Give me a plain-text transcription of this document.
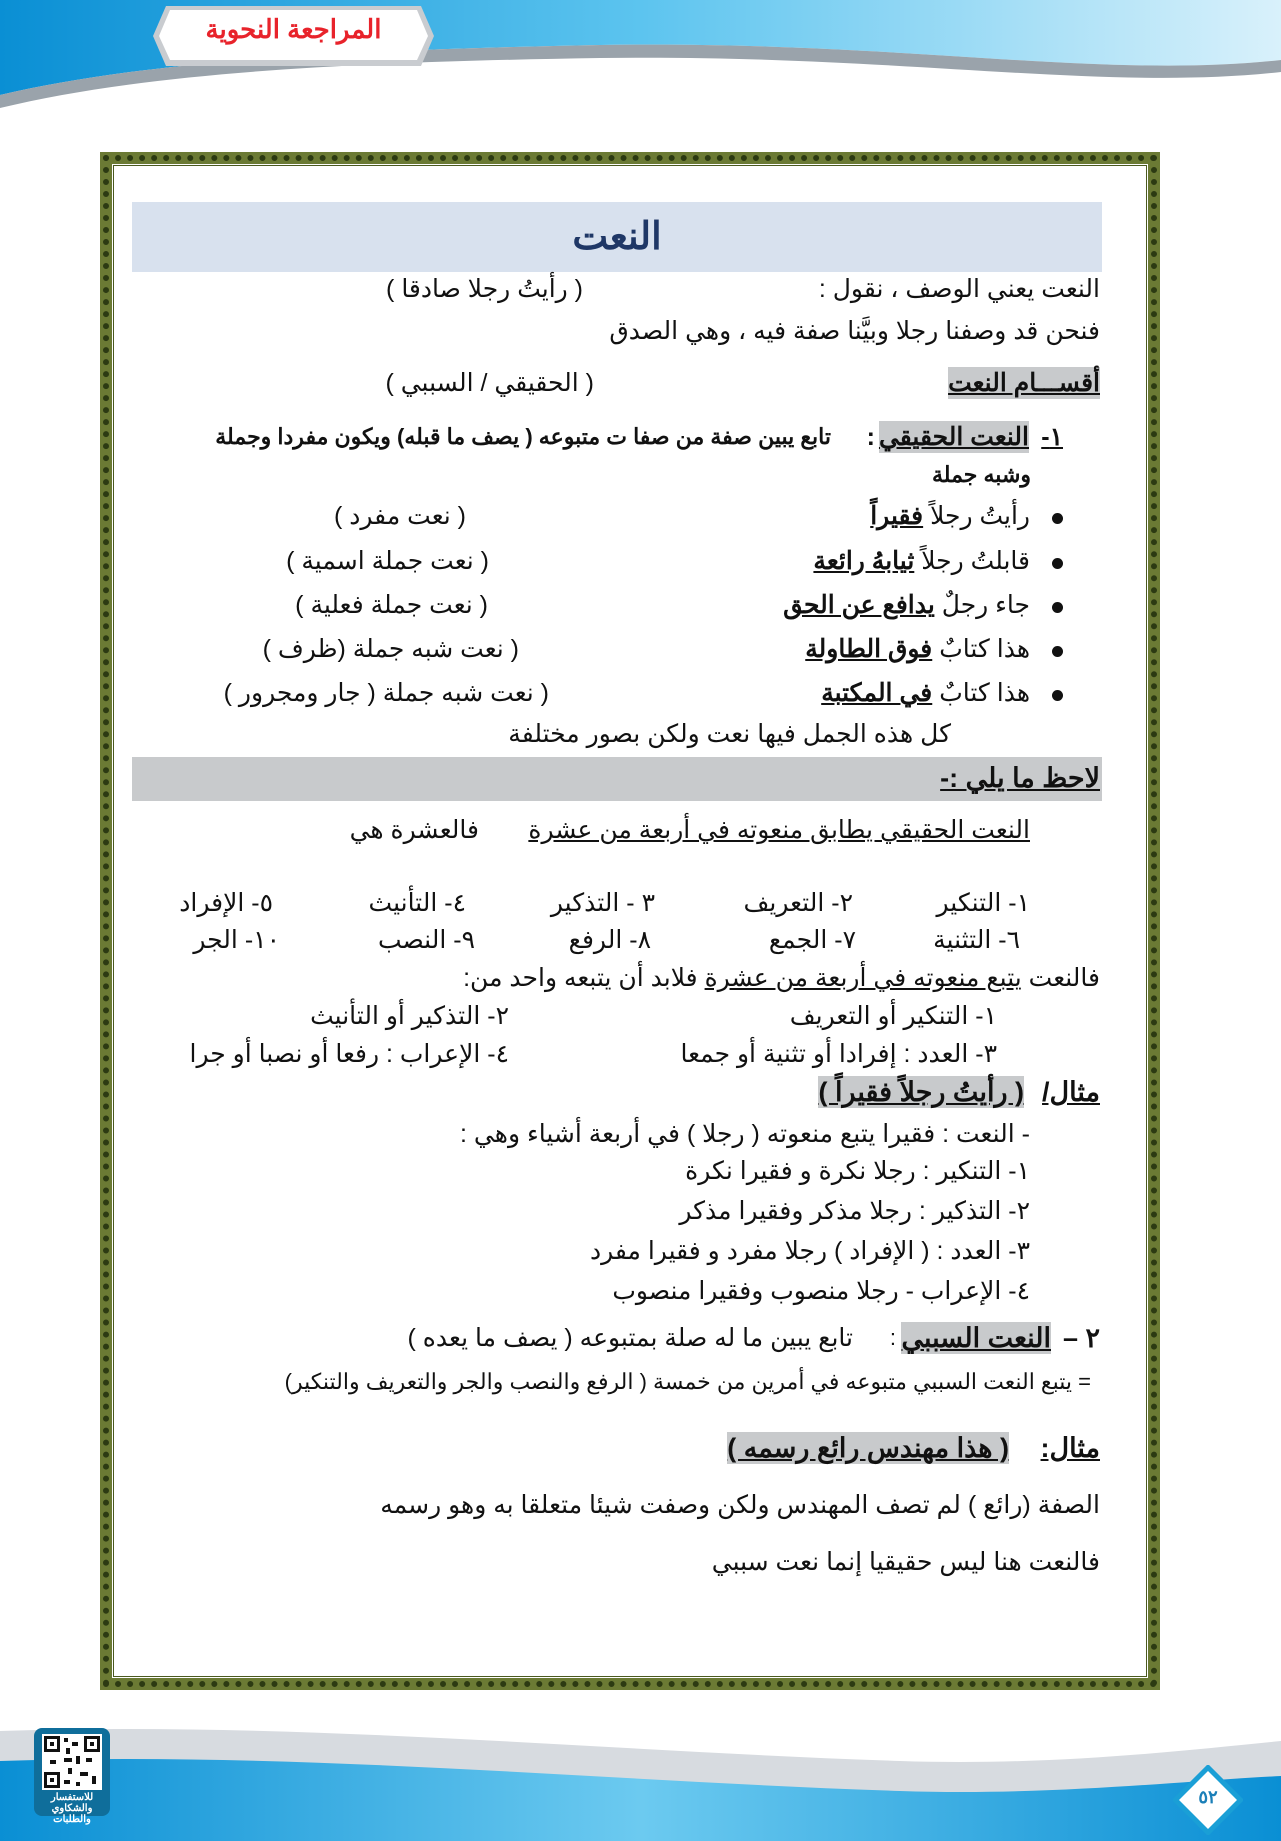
المراجعة النحوية
النعت
النعت يعني الوصف ، نقول :
( رأيتُ رجلا صادقا )
فنحن قد وصفنا رجلا وبيَّنا صفة فيه ، وهي الصدق
أقســـام النعت
( الحقيقي / السببي )
١-
النعت الحقيقي
:
تابع يبين صفة من صفا ت متبوعه ( يصف ما قبله) ويكون مفردا وجملة
وشبه جملة
رأيتُ رجلاً فقيراً
( نعت مفرد )
قابلتُ رجلاً ثيابهُ رائعة
( نعت جملة اسمية )
جاء رجلٌ يدافع عن الحق
( نعت جملة فعلية )
هذا كتابٌ فوق الطاولة
( نعت شبه جملة (ظرف )
هذا كتابٌ في المكتبة
( نعت شبه جملة ( جار ومجرور )
كل هذه الجمل فيها نعت ولكن بصور مختلفة
لاحظ ما يلي :-
النعت الحقيقي يطابق منعوته في أربعة من عشرة
فالعشرة هي
١- التنكير
٢- التعريف
٣ - التذكير
٤- التأنيث
٥- الإفراد
٦- التثنية
٧- الجمع
٨- الرفع
٩- النصب
١٠- الجر
فالنعت يتبع منعوته في أربعة من عشرة فلابد أن يتبعه واحد من:
١- التنكير أو التعريف
٢- التذكير أو التأنيث
٣- العدد : إفرادا أو تثنية أو جمعا
٤- الإعراب : رفعا أو نصبا أو جرا
مثال/
( رأيتُ رجلاً فقيراً )
- النعت : فقيرا يتبع منعوته ( رجلا ) في أربعة أشياء وهي :
١- التنكير : رجلا نكرة و فقيرا نكرة
٢- التذكير : رجلا مذكر وفقيرا مذكر
٣- العدد : ( الإفراد ) رجلا مفرد و فقيرا مفرد
٤- الإعراب - رجلا منصوب وفقيرا منصوب
٢ –
النعت السببي
:
تابع يبين ما له صلة بمتبوعه ( يصف ما يعده )
= يتبع النعت السببي متبوعه في أمرين من خمسة ( الرفع والنصب والجر والتعريف والتنكير)
مثال:
( هذا مهندس رائع رسمه )
الصفة (رائع ) لم تصف المهندس ولكن وصفت شيئا متعلقا به وهو رسمه
فالنعت هنا ليس حقيقيا إنما نعت سببي
للاستفسار والشكاوي والطلبات
٥٢
